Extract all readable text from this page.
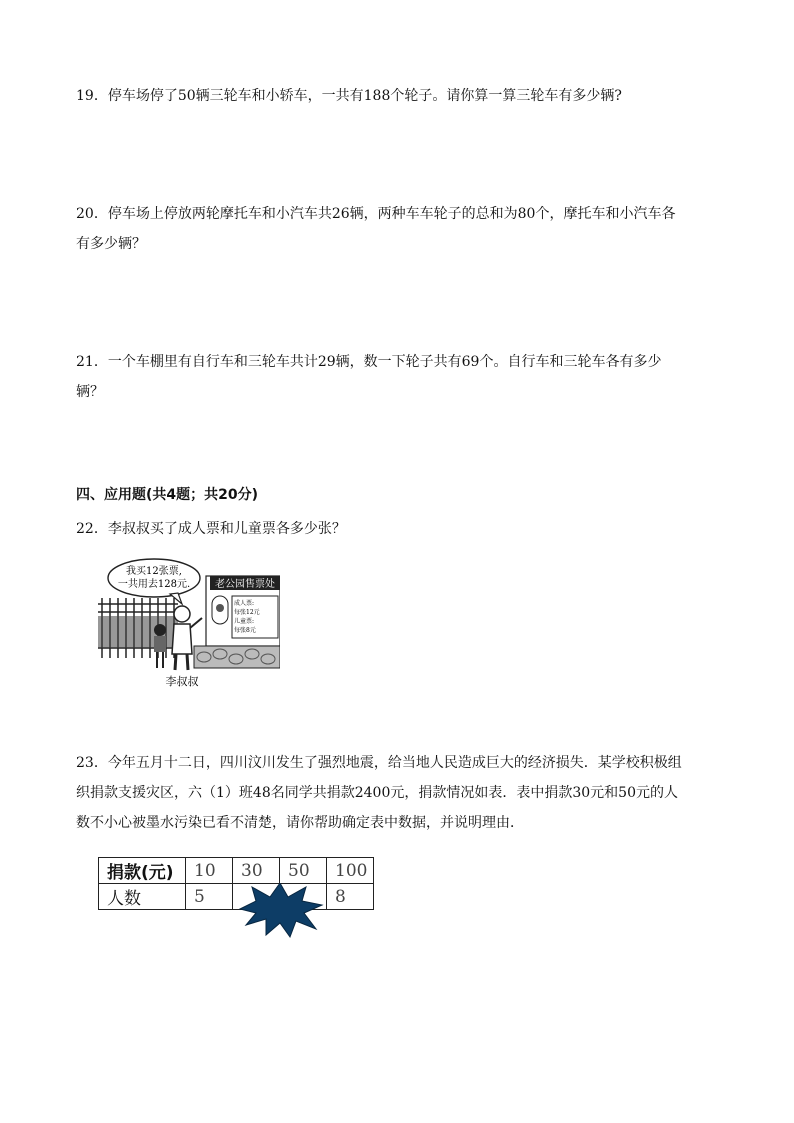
19．停车场停了50辆三轮车和小轿车，一共有188个轮子。请你算一算三轮车有多少辆?
20．停车场上停放两轮摩托车和小汽车共26辆，两种车车轮子的总和为80个，摩托车和小汽车各
有多少辆？
21．一个车棚里有自行车和三轮车共计29辆，数一下轮子共有69个。自行车和三轮车各有多少
辆？
四、应用题(共4题；共20分)
22．李叔叔买了成人票和儿童票各多少张？
老公园售票处
成人票:
每张12元
儿童票:
每张8元
我买12张票,
一共用去128元.
李叔叔
23．今年五月十二日，四川汶川发生了强烈地震，给当地人民造成巨大的经济损失．某学校积极组
织捐款支援灾区，六（1）班48名同学共捐款2400元，捐款情况如表．表中捐款30元和50元的人
数不小心被墨水污染已看不清楚，请你帮助确定表中数据，并说明理由．
捐款(元)	10	30	50	100
人数	5			8
